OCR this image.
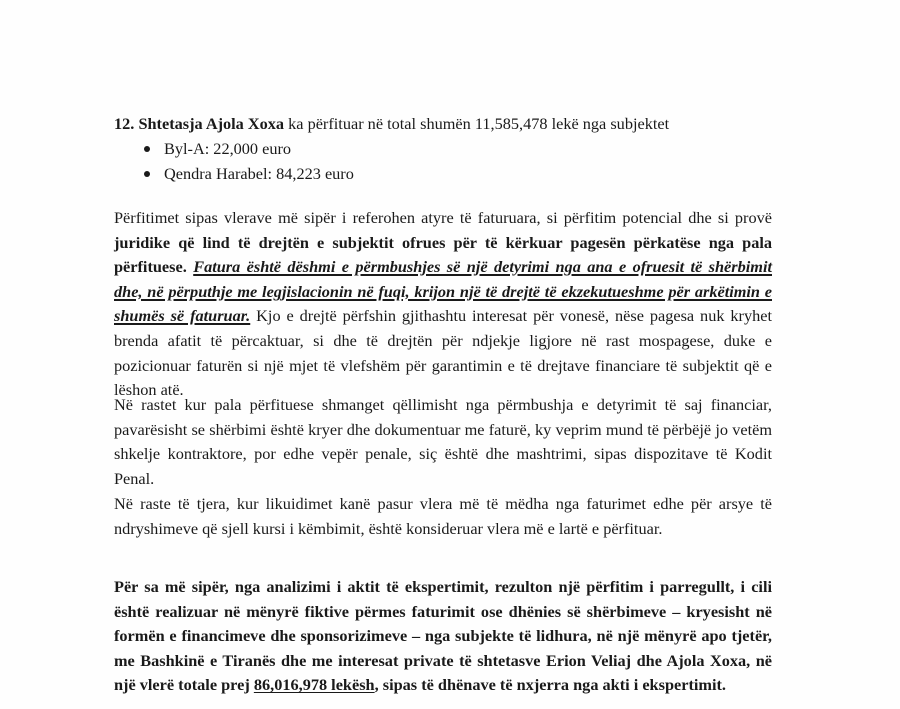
12. Shtetasja Ajola Xoxa ka përfituar në total shumën 11,585,478 lekë nga subjektet
Byl-A: 22,000 euro
Qendra Harabel: 84,223 euro
Përfitimet sipas vlerave më sipër i referohen atyre të faturuara, si përfitim potencial dhe si provë juridike që lind të drejtën e subjektit ofrues për të kërkuar pagesën përkatëse nga pala përfituese. Fatura është dëshmi e përmbushjes së një detyrimi nga ana e ofruesit të shërbimit dhe, në përputhje me legjislacionin në fuqi, krijon një të drejtë të ekzekutueshme për arkëtimin e shumës së faturuar. Kjo e drejtë përfshin gjithashtu interesat për vonesë, nëse pagesa nuk kryhet brenda afatit të përcaktuar, si dhe të drejtën për ndjekje ligjore në rast mospagese, duke e pozicionuar faturën si një mjet të vlefshëm për garantimin e të drejtave financiare të subjektit që e lëshon atë.
Në rastet kur pala përfituese shmanget qëllimisht nga përmbushja e detyrimit të saj financiar, pavarësisht se shërbimi është kryer dhe dokumentuar me faturë, ky veprim mund të përbëjë jo vetëm shkelje kontraktore, por edhe vepër penale, siç është dhe mashtrimi, sipas dispozitave të Kodit Penal.
Në raste të tjera, kur likuidimet kanë pasur vlera më të mëdha nga faturimet edhe për arsye të ndryshimeve që sjell kursi i këmbimit, është konsideruar vlera më e lartë e përfituar.
Për sa më sipër, nga analizimi i aktit të ekspertimit, rezulton një përfitim i parregullt, i cili është realizuar në mënyrë fiktive përmes faturimit ose dhënies së shërbimeve – kryesisht në formën e financimeve dhe sponsorizimeve – nga subjekte të lidhura, në një mënyrë apo tjetër, me Bashkinë e Tiranës dhe me interesat private të shtetasve Erion Veliaj dhe Ajola Xoxa, në një vlerë totale prej 86,016,978 lekësh, sipas të dhënave të nxjerra nga akti i ekspertimit.
